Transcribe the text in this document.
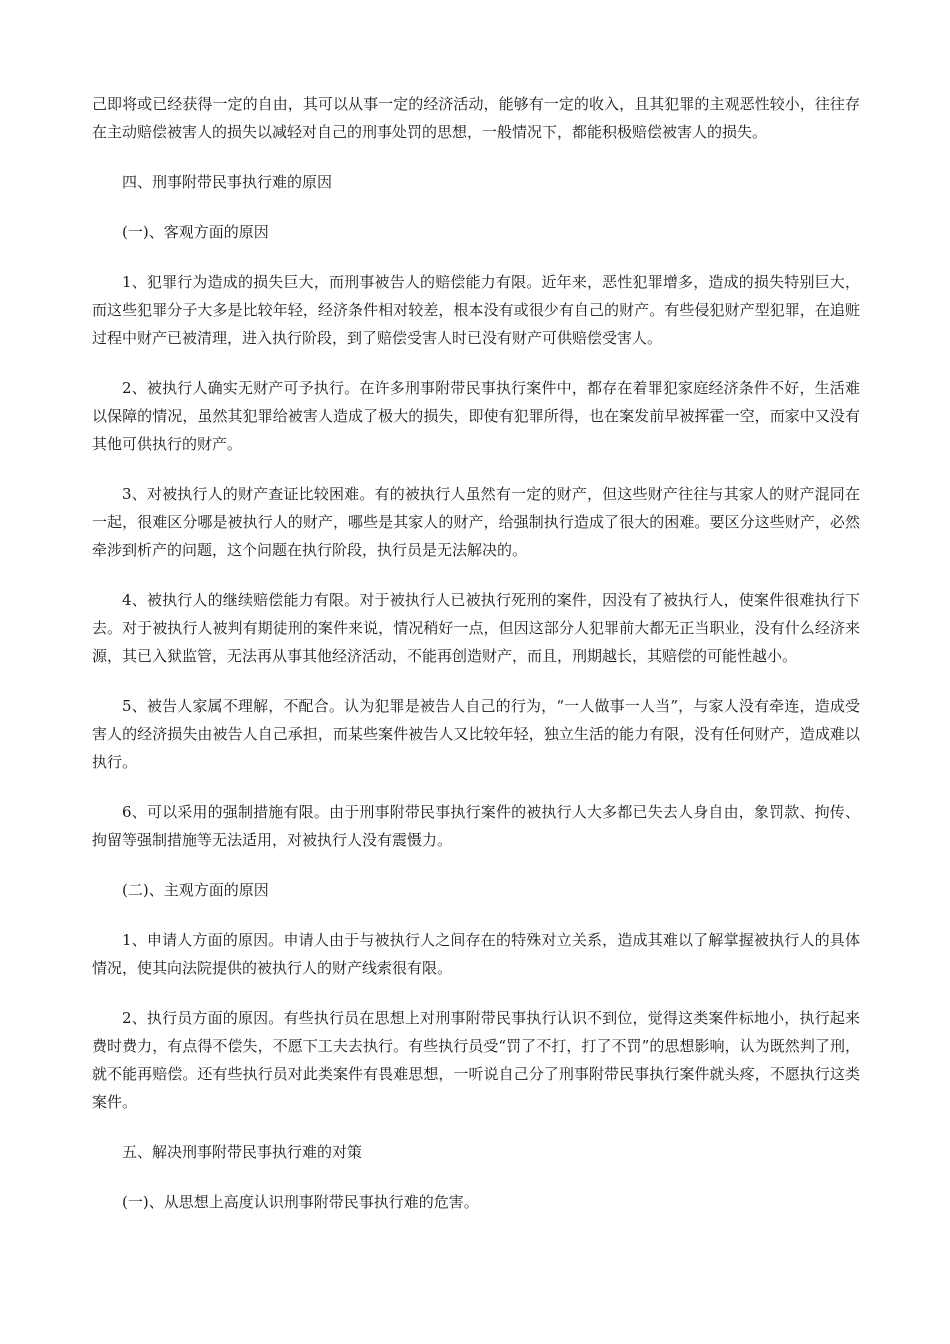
己即将或已经获得一定的自由，其可以从事一定的经济活动，能够有一定的收入，且其犯罪的主观恶性较小，往往存在主动赔偿被害人的损失以减轻对自己的刑事处罚的思想，一般情况下，都能积极赔偿被害人的损失。

四、刑事附带民事执行难的原因

(一)、客观方面的原因

1、犯罪行为造成的损失巨大，而刑事被告人的赔偿能力有限。近年来，恶性犯罪增多，造成的损失特别巨大，而这些犯罪分子大多是比较年轻，经济条件相对较差，根本没有或很少有自己的财产。有些侵犯财产型犯罪，在追赃过程中财产已被清理，进入执行阶段，到了赔偿受害人时已没有财产可供赔偿受害人。

2、被执行人确实无财产可予执行。在许多刑事附带民事执行案件中，都存在着罪犯家庭经济条件不好，生活难以保障的情况，虽然其犯罪给被害人造成了极大的损失，即使有犯罪所得，也在案发前早被挥霍一空，而家中又没有其他可供执行的财产。

3、对被执行人的财产查证比较困难。有的被执行人虽然有一定的财产，但这些财产往往与其家人的财产混同在一起，很难区分哪是被执行人的财产，哪些是其家人的财产，给强制执行造成了很大的困难。要区分这些财产，必然牵涉到析产的问题，这个问题在执行阶段，执行员是无法解决的。

4、被执行人的继续赔偿能力有限。对于被执行人已被执行死刑的案件，因没有了被执行人，使案件很难执行下去。对于被执行人被判有期徒刑的案件来说，情况稍好一点，但因这部分人犯罪前大都无正当职业，没有什么经济来源，其已入狱监管，无法再从事其他经济活动，不能再创造财产，而且，刑期越长，其赔偿的可能性越小。

5、被告人家属不理解，不配合。认为犯罪是被告人自己的行为，“一人做事一人当”，与家人没有牵连，造成受害人的经济损失由被告人自己承担，而某些案件被告人又比较年轻，独立生活的能力有限，没有任何财产，造成难以执行。

6、可以采用的强制措施有限。由于刑事附带民事执行案件的被执行人大多都已失去人身自由，象罚款、拘传、拘留等强制措施等无法适用，对被执行人没有震慑力。

(二)、主观方面的原因

1、申请人方面的原因。申请人由于与被执行人之间存在的特殊对立关系，造成其难以了解掌握被执行人的具体情况，使其向法院提供的被执行人的财产线索很有限。

2、执行员方面的原因。有些执行员在思想上对刑事附带民事执行认识不到位，觉得这类案件标地小，执行起来费时费力，有点得不偿失，不愿下工夫去执行。有些执行员受“罚了不打，打了不罚”的思想影响，认为既然判了刑，就不能再赔偿。还有些执行员对此类案件有畏难思想，一听说自己分了刑事附带民事执行案件就头疼，不愿执行这类案件。

五、解决刑事附带民事执行难的对策

(一)、从思想上高度认识刑事附带民事执行难的危害。
